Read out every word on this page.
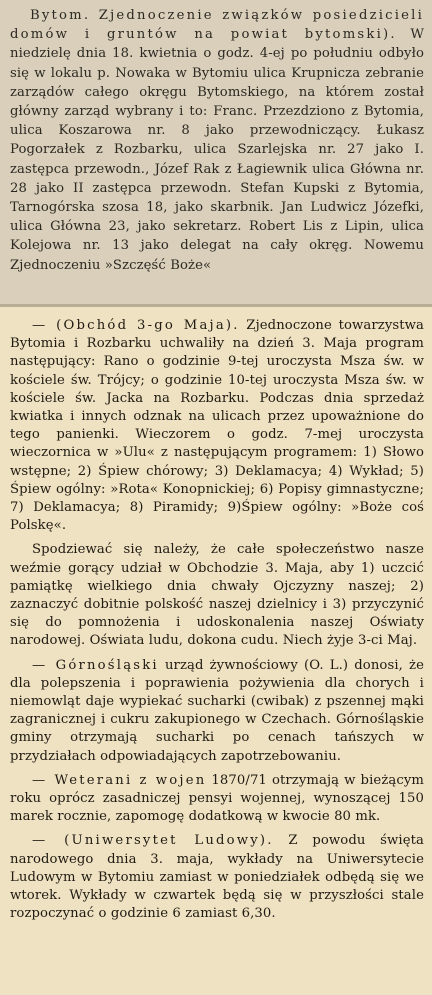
Bytom. Zjednoczenie związków posiedzicieli domów i gruntów na powiat bytomski). W niedzielę dnia 18. kwietnia o godz. 4-ej po południu odbyło się w lokalu p. Nowaka w Bytomiu ulica Krupnicza zebranie zarządów całego okręgu Bytomskiego, na którem został główny zarząd wybrany i to: Franc. Przezdziono z Bytomia, ulica Koszarowa nr. 8 jako przewodniczący. Łukasz Pogorzałek z Rozbarku, ulica Szarlejska nr. 27 jako I. zastępca przewodn., Józef Rak z Łagiewnik ulica Główna nr. 28 jako II zastępca przewodn. Stefan Kupski z Bytomia, Tarnogórska szosa 18, jako skarbnik. Jan Ludwicz Józefki, ulica Główna 23, jako sekretarz. Robert Lis z Lipin, ulica Kolejowa nr. 13 jako delegat na cały okręg. Nowemu Zjednoczeniu »Szczęść Boże«

— (Obchód 3-go Maja). Zjednoczone towarzystwa Bytomia i Rozbarku uchwaliły na dzień 3. Maja program następujący: Rano o godzinie 9-tej uroczysta Msza św. w kościele św. Trójcy; o godzinie 10-tej uroczysta Msza św. w kościele św. Jacka na Rozbarku. Podczas dnia sprzedaż kwiatka i innych odznak na ulicach przez upoważnione do tego panienki. Wieczorem o godz. 7-mej uroczysta wieczornica w »Ulu« z następującym programem: 1) Słowo wstępne; 2) Śpiew chórowy; 3) Deklamacya; 4) Wykład; 5) Śpiew ogólny: »Rota« Konopnickiej; 6) Popisy gimnastyczne; 7) Deklamacya; 8) Piramidy; 9)Śpiew ogólny: »Boże coś Polskę«.

Spodziewać się należy, że całe społeczeństwo nasze weźmie gorący udział w Obchodzie 3. Maja, aby 1) uczcić pamiątkę wielkiego dnia chwały Ojczyzny naszej; 2) zaznaczyć dobitnie polskość naszej dzielnicy i 3) przyczynić się do pomnożenia i udoskonalenia naszej Oświaty narodowej. Oświata ludu, dokona cudu. Niech żyje 3-ci Maj.

— Górnośląski urząd żywnościowy (O. L.) donosi, że dla polepszenia i poprawienia pożywienia dla chorych i niemowląt daje wypiekać sucharki (cwibak) z pszennej mąki zagranicznej i cukru zakupionego w Czechach. Górnośląskie gminy otrzymają sucharki po cenach tańszych w przydziałach odpowiadających zapotrzebowaniu.

— Weterani z wojen 1870/71 otrzymają w bieżącym roku oprócz zasadniczej pensyi wojennej, wynoszącej 150 marek rocznie, zapomogę dodatkową w kwocie 80 mk.

— (Uniwersytet Ludowy). Z powodu święta narodowego dnia 3. maja, wykłady na Uniwersytecie Ludowym w Bytomiu zamiast w poniedziałek odbędą się we wtorek. Wykłady w czwartek będą się w przyszłości stale rozpoczynać o godzinie 6 zamiast 6,30.
